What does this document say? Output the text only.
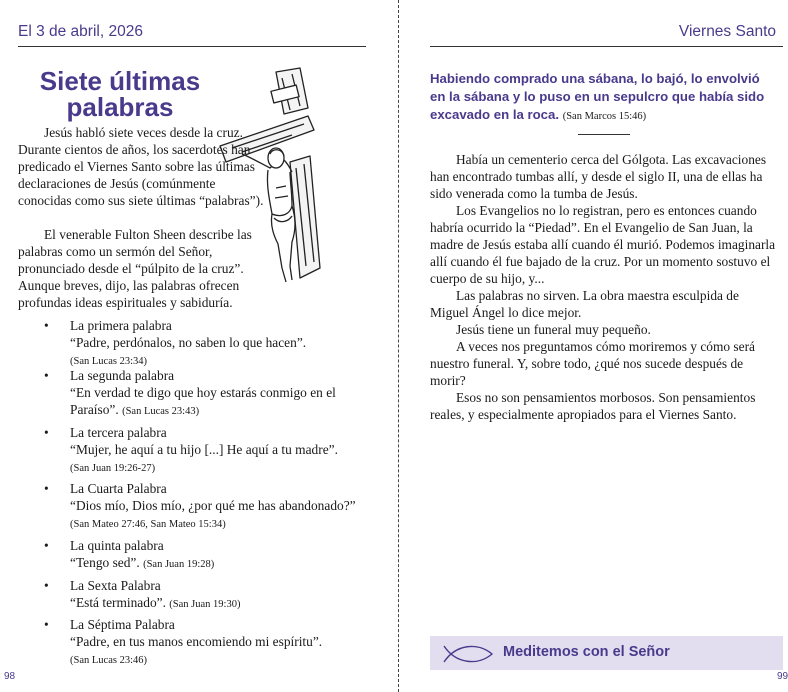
El 3 de abril, 2026
Siete últimas
palabras

Jesús habló siete veces desde la cruz. Durante cientos de años, los sacerdotes han predicado el Viernes Santo sobre las últimas declaraciones de Jesús (comúnmente conocidas como sus siete últimas “palabras”).

El venerable Fulton Sheen describe las palabras como un sermón del Señor, pronunciado desde el “púlpito de la cruz”. Aunque breves, dijo, las palabras ofrecen profundas ideas espirituales y sabiduría.

• La primera palabra
“Padre, perdónalos, no saben lo que hacen”.
(San Lucas 23:34)
• La segunda palabra
“En verdad te digo que hoy estarás conmigo en el Paraíso”. (San Lucas 23:43)
• La tercera palabra
“Mujer, he aquí a tu hijo [...] He aquí a tu madre”.
(San Juan 19:26-27)
• La Cuarta Palabra
“Dios mío, Dios mío, ¿por qué me has abandonado?” (San Mateo 27:46, San Mateo 15:34)
• La quinta palabra
“Tengo sed”. (San Juan 19:28)
• La Sexta Palabra
“Está terminado”. (San Juan 19:30)
• La Séptima Palabra
“Padre, en tus manos encomiendo mi espíritu”.
(San Lucas 23:46)
98
Viernes Santo
Habiendo comprado una sábana, lo bajó, lo envolvió en la sábana y lo puso en un sepulcro que había sido excavado en la roca. (San Marcos 15:46)

Había un cementerio cerca del Gólgota. Las excavaciones han encontrado tumbas allí, y desde el siglo II, una de ellas ha sido venerada como la tumba de Jesús.

Los Evangelios no lo registran, pero es entonces cuando habría ocurrido la “Piedad”. En el Evangelio de San Juan, la madre de Jesús estaba allí cuando él murió. Podemos imaginarla allí cuando él fue bajado de la cruz. Por un momento sostuvo el cuerpo de su hijo, y...

Las palabras no sirven. La obra maestra esculpida de Miguel Ángel lo dice mejor.

Jesús tiene un funeral muy pequeño.

A veces nos preguntamos cómo moriremos y cómo será nuestro funeral. Y, sobre todo, ¿qué nos sucede después de morir?

Esos no son pensamientos morbosos. Son pensamientos reales, y especialmente apropiados para el Viernes Santo.

Meditemos con el Señor
99
